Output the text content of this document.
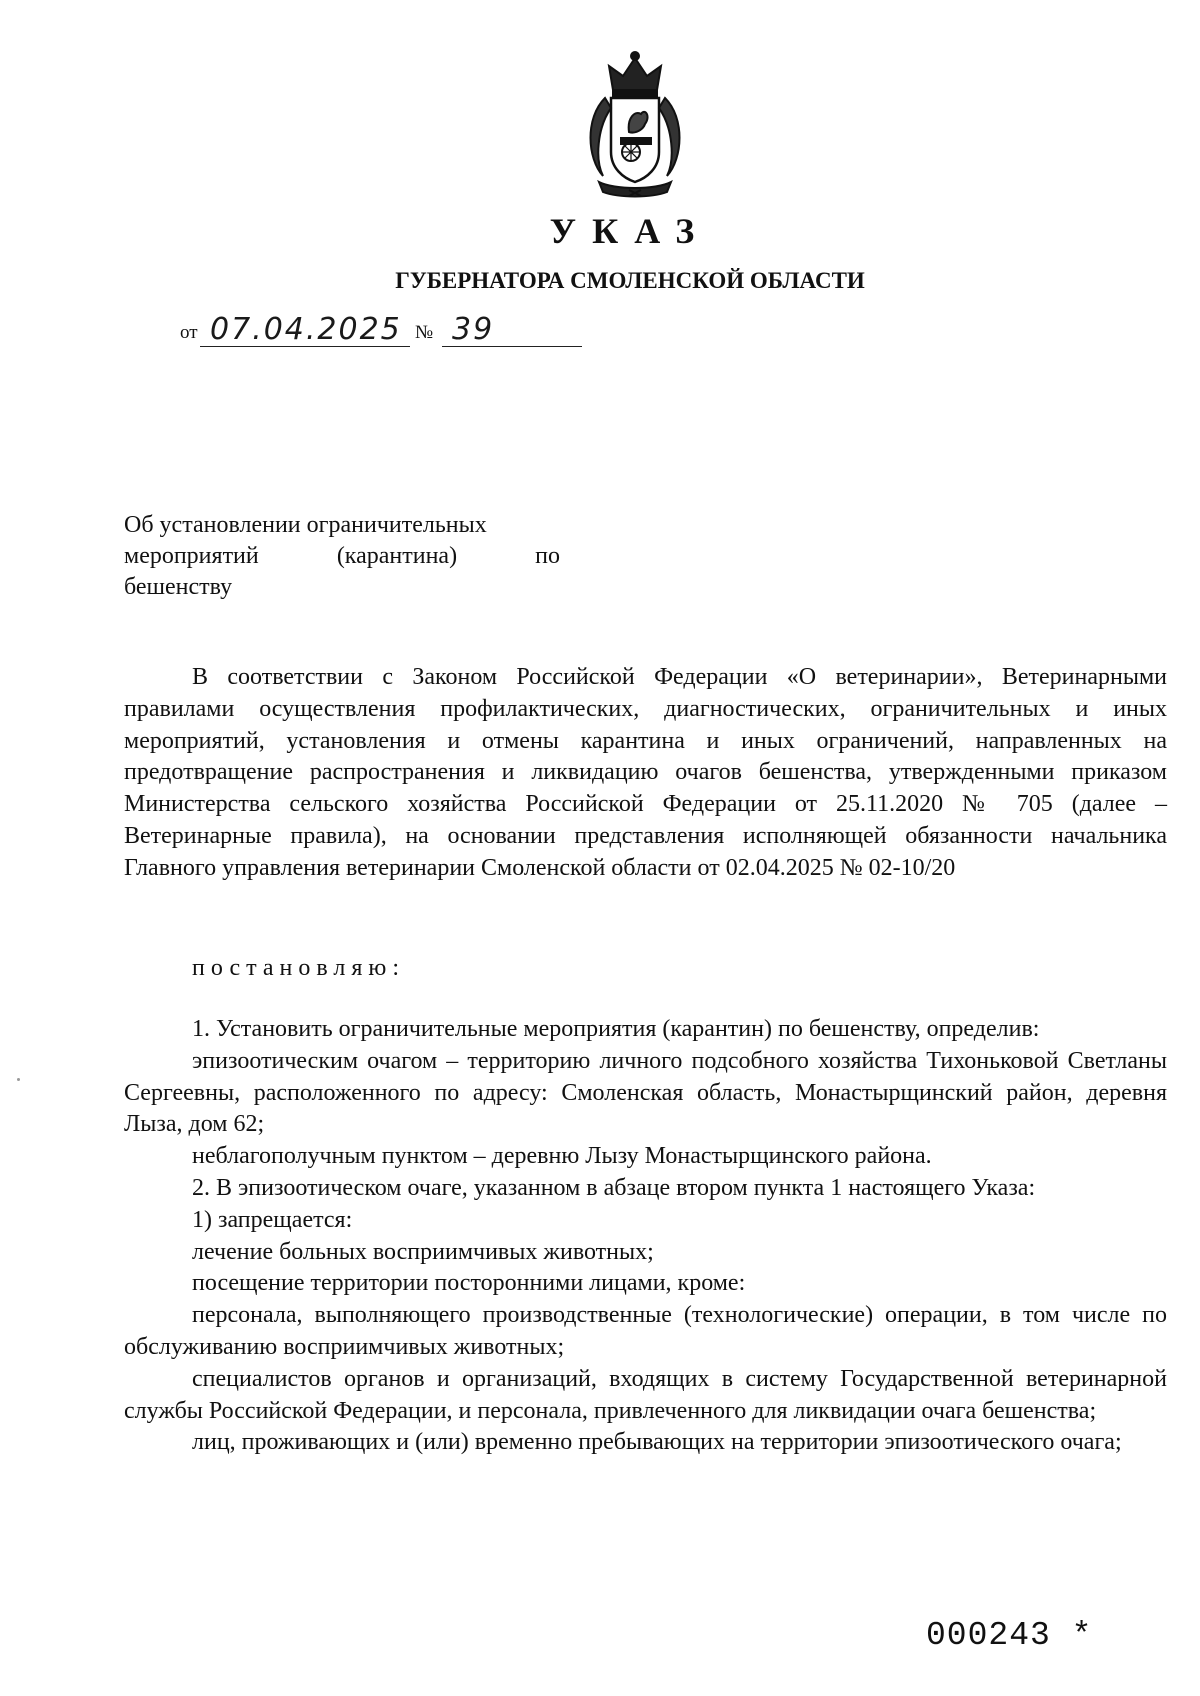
УКАЗ
ГУБЕРНАТОРА СМОЛЕНСКОЙ ОБЛАСТИ
от 07.04.2025 № 39
Об установлении ограничительных
мероприятий	(карантина)	по
бешенству

В соответствии с Законом Российской Федерации «О ветеринарии», Ветеринарными правилами осуществления профилактических, диагностических, ограничительных и иных мероприятий, установления и отмены карантина и иных ограничений, направленных на предотвращение распространения и ликвидацию очагов бешенства, утвержденными приказом Министерства сельского хозяйства Российской Федерации от 25.11.2020 № 705 (далее – Ветеринарные правила), на основании представления исполняющей обязанности начальника Главного управления ветеринарии Смоленской области от 02.04.2025 № 02-10/20

постановляю:

1. Установить ограничительные мероприятия (карантин) по бешенству, определив:

эпизоотическим очагом – территорию личного подсобного хозяйства Тихоньковой Светланы Сергеевны, расположенного по адресу: Смоленская область, Монастырщинский район, деревня Лыза, дом 62;

неблагополучным пунктом – деревню Лызу Монастырщинского района.

2. В эпизоотическом очаге, указанном в абзаце втором пункта 1 настоящего Указа:

1) запрещается:

лечение больных восприимчивых животных;

посещение территории посторонними лицами, кроме:

персонала, выполняющего производственные (технологические) операции, в том числе по обслуживанию восприимчивых животных;

специалистов органов и организаций, входящих в систему Государственной ветеринарной службы Российской Федерации, и персонала, привлеченного для ликвидации очага бешенства;

лиц, проживающих и (или) временно пребывающих на территории эпизоотического очага;

000243 *
